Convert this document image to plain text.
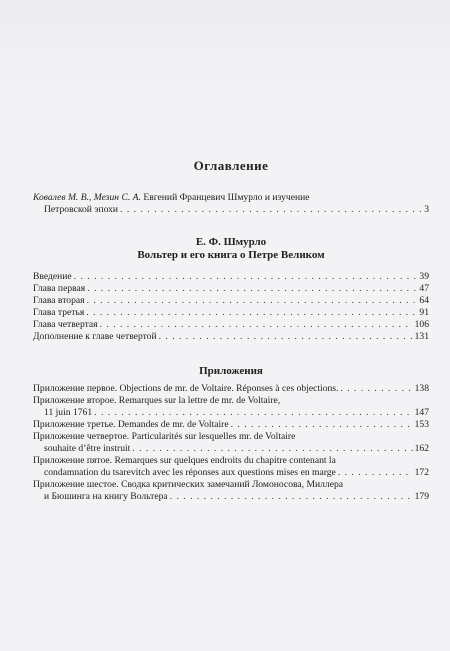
Оглавление
Ковалев М. В., Мезин С. А. Евгений Францевич Шмурло и изучение
Петровской эпохи . . .	3
Е. Ф. Шмурло
Вольтер и его книга о Петре Великом
Введение . . .	39
Глава первая . . .	47
Глава вторая . . .	64
Глава третья . . .	91
Глава четвертая . . .	106
Дополнение к главе четвертой . . .	131
Приложения
Приложение первое. Objections de mr. de Voltaire. Réponses à ces objections. . . .	138
Приложение второе. Remarques sur la lettre de mr. de Voltaire,
11 juin 1761 . . .	147
Приложение третье. Demandes de mr. de Voltaire . . .	153
Приложение четвертое. Particularités sur lesquelles mr. de Voltaire
souhaite d’être instruit . . .	162
Приложение пятое. Remarques sur quelques endroits du chapitre contenant la
condamnation du tsarevitch avec les réponses aux questions mises en marge . . .	172
Приложение шестое. Сводка критических замечаний Ломоносова, Миллера
и Бюшинга на книгу Вольтера . . .	179
